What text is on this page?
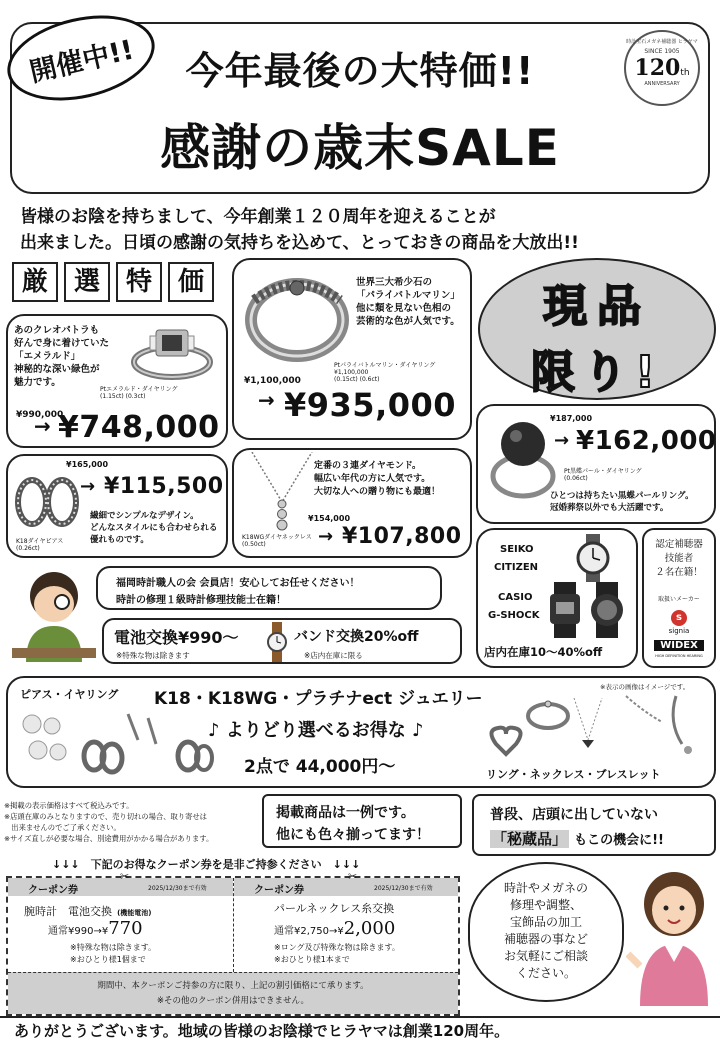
開催中!!	今年最後の大特価!!
感謝の歳末SALE
時計宝石メガネ補聴器 ヒラヤマ
SINCE 1905
120th
ANNIVERSARY
皆様のお陰を持ちまして、今年創業１２０周年を迎えることが
出来ました。日頃の感謝の気持ちを込めて、とっておきの商品を大放出!!
厳 選 特 価	現品
限り!
あのクレオパトラも
好んで身に着けていた
「エメラルド」
神秘的な深い緑色が
魅力です。
Ptエメラルド・ダイヤリング
(1.15ct) (0.3ct)
¥990,000
→ ¥748,000
世界三大希少石の
「パライバトルマリン」
他に類を見ない色相の
芸術的な色が人気です。
Ptパライバトルマリン・ダイヤリング ¥1,100,000
(0.15ct) (0.6ct)
¥1,100,000
→ ¥935,000	¥187,000
→ ¥162,000
Pt黒蝶パール・ダイヤリング
(0.06ct)
ひとつは持ちたい黒蝶パールリング。
冠婚葬祭以外でも大活躍です。
¥165,000
→ ¥115,500
繊細でシンプルなデザイン。
どんなスタイルにも合わせられる
優れものです。
K18ダイヤピアス
(0.26ct)
定番の３連ダイヤモンド。
幅広い年代の方に人気です。
大切な人への贈り物にも最適！
¥154,000
K18WGダイヤネックレス
(0.50ct)	→ ¥107,800
SEIKO
CITIZEN
CASIO
G-SHOCK
店内在庫10〜40%off
認定補聴器
技能者
２名在籍！
取扱いメーカー
s
signia
WIDEX
HIGH DEFINITION HEARING
福岡時計職人の会 会員店！安心してお任せください！
時計の修理１級時計修理技能士在籍！
電池交換¥990〜
※特殊な物は除きます
バンド交換20%off
※店内在庫に限る
ピアス・イヤリング K18・K18WG・プラチナect ジュエリー
※表示の画像はイメージです。
♪ よりどり選べるお得な ♪
2点で 44,000円〜	リング・ネックレス・ブレスレット
※掲載の表示価格はすべて税込みです。
※店頭在庫のみとなりますので、売り切れの場合、取り寄せは
　出来ませんのでご了承ください。
※サイズ直しが必要な場合、別途費用がかかる場合があります。
掲載商品は一例です。
他にも色々揃ってます！
普段、店頭に出していない
「秘蔵品」 もこの機会に!!
↓↓↓　下記のお得なクーポン券を是非ご持参ください　↓↓↓
クーポン券	2025/12/30まで有効
腕時計　電池交換 (機能電池)
通常¥990→¥770
※特殊な物は除きます。
※おひとり様1個まで
クーポン券	2025/12/30まで有効
パールネックレス糸交換
通常¥2,750→¥2,000
※ロング及び特殊な物は除きます。
※おひとり様1本まで
期間中、本クーポンご持参の方に限り、上記の割引価格にて承ります。
※その他のクーポン併用はできません。
✂	✂
時計やメガネの
修理や調整、
宝飾品の加工
補聴器の事など
お気軽にご相談
ください。
ありがとうございます。地域の皆様のお陰様でヒラヤマは創業120周年。
